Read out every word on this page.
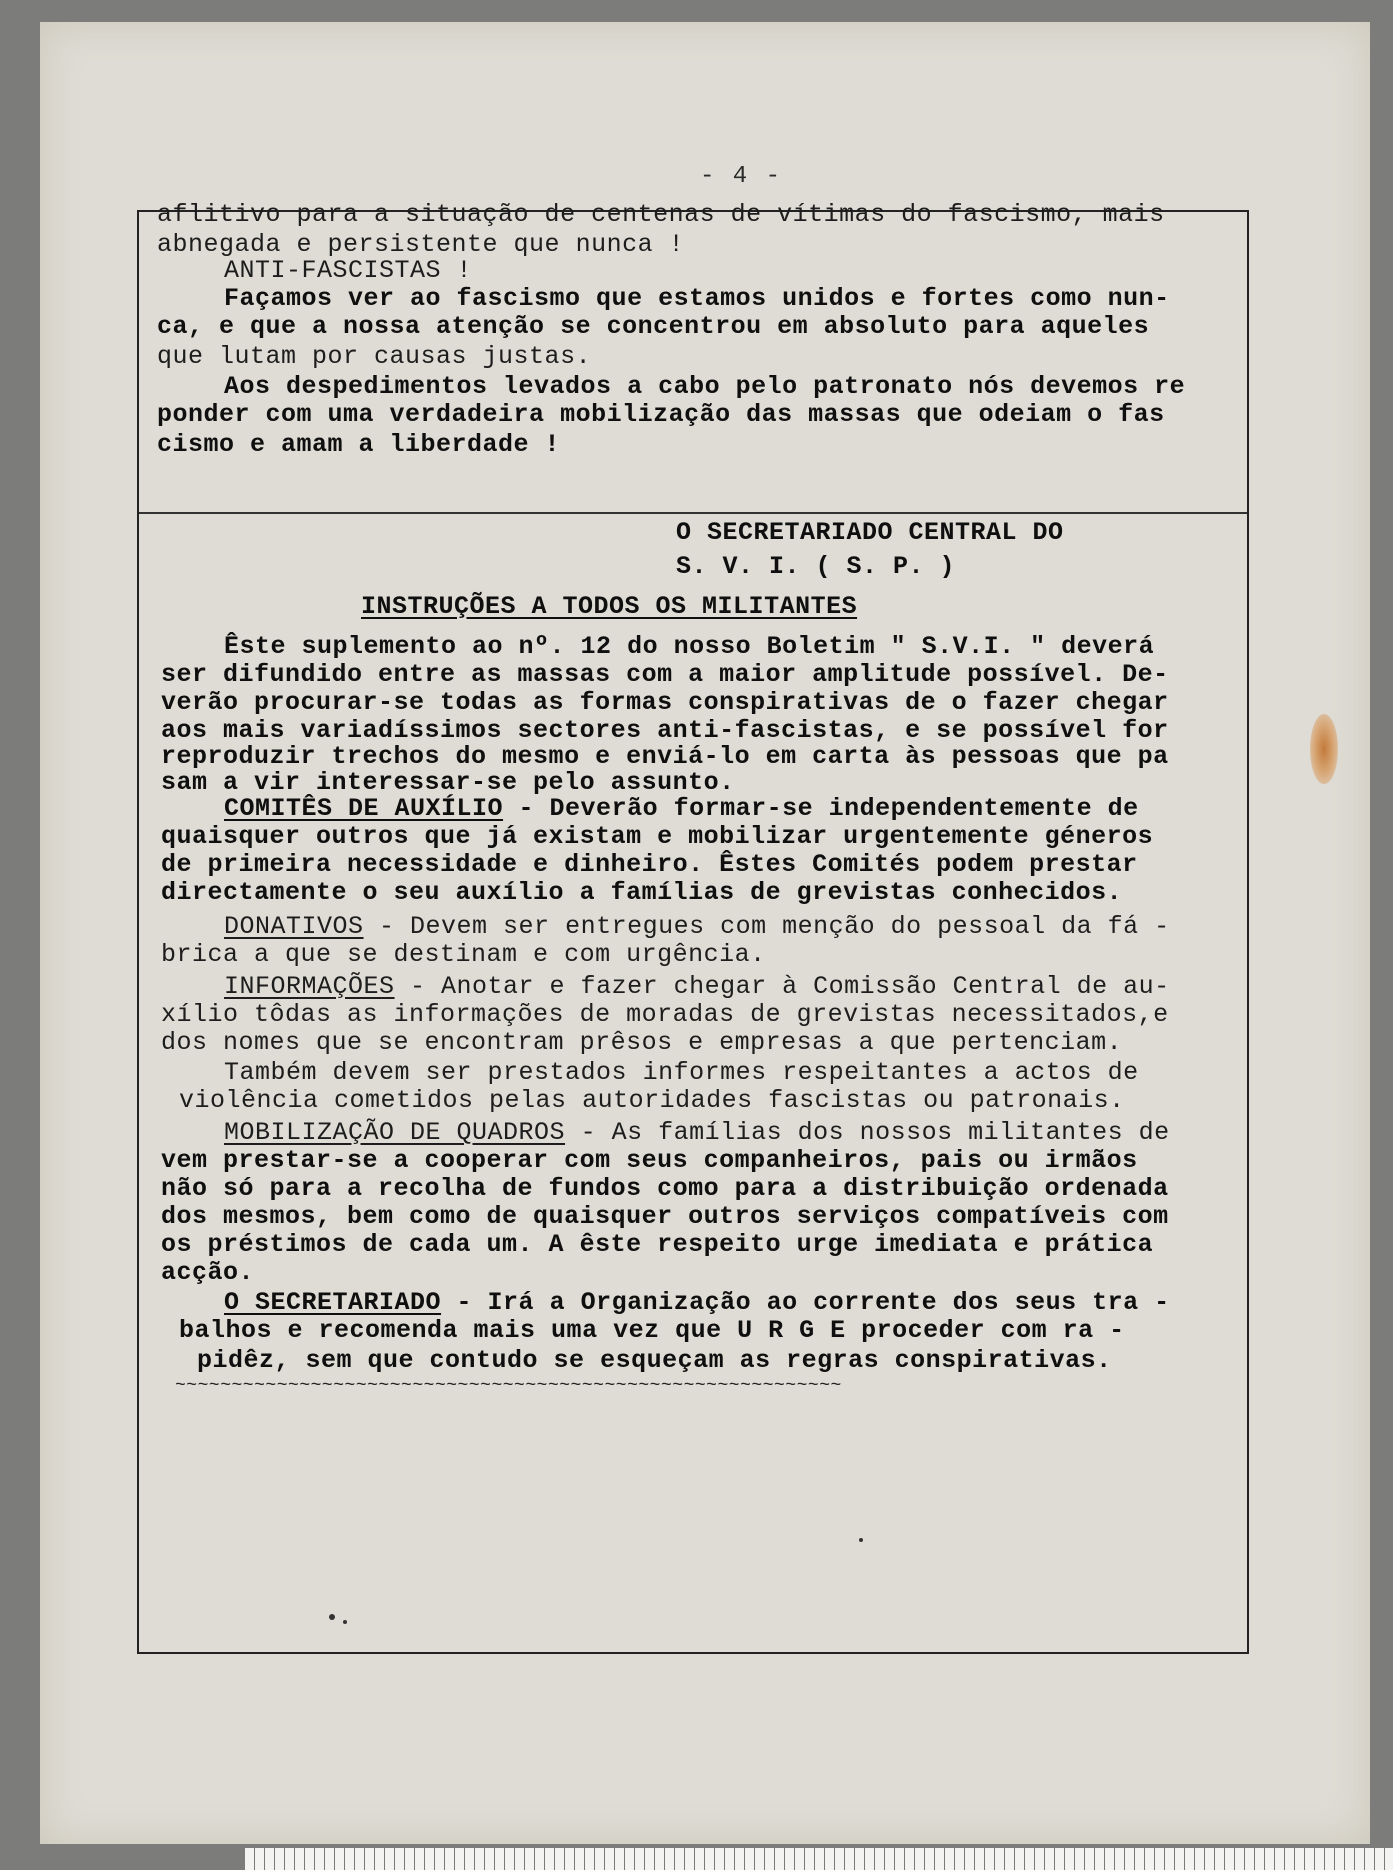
- 4 -
aflitivo para a situação de centenas de vítimas do fascismo, mais
abnegada e persistente que nunca !
ANTI-FASCISTAS !
Façamos ver ao fascismo que estamos unidos e fortes como nun-
ca, e que a nossa atenção se concentrou em absoluto para aqueles
que lutam por causas justas.
Aos despedimentos levados a cabo pelo patronato nós devemos re
ponder com uma verdadeira mobilização das massas que odeiam o fas
cismo e amam a liberdade !
O SECRETARIADO CENTRAL DO
S. V. I. ( S. P. )
INSTRUÇÕES A TODOS OS MILITANTES
Êste suplemento ao nº. 12 do nosso Boletim " S.V.I. " deverá
ser difundido entre as massas com a maior amplitude possível. De-
verão procurar-se todas as formas conspirativas de o fazer chegar
aos mais variadíssimos sectores anti-fascistas, e se possível for
reproduzir trechos do mesmo e enviá-lo em carta às pessoas que pa
sam a vir interessar-se pelo assunto.
COMITÊS DE AUXÍLIO - Deverão formar-se independentemente de
quaisquer outros que já existam e mobilizar urgentemente géneros
de primeira necessidade e dinheiro. Êstes Comités podem prestar
directamente o seu auxílio a famílias de grevistas conhecidos.
DONATIVOS - Devem ser entregues com menção do pessoal da fá -
brica a que se destinam e com urgência.
INFORMAÇÕES - Anotar e fazer chegar à Comissão Central de au-
xílio tôdas as informações de moradas de grevistas necessitados,e
dos nomes que se encontram prêsos e empresas a que pertenciam.
Também devem ser prestados informes respeitantes a actos de
violência cometidos pelas autoridades fascistas ou patronais.
MOBILIZAÇÃO DE QUADROS - As famílias dos nossos militantes de
vem prestar-se a cooperar com seus companheiros, pais ou irmãos
não só para a recolha de fundos como para a distribuição ordenada
dos mesmos, bem como de quaisquer outros serviços compatíveis com
os préstimos de cada um. A êste respeito urge imediata e prática
acção.
O SECRETARIADO - Irá a Organização ao corrente dos seus tra -
balhos e recomenda mais uma vez que U R G E proceder com ra -
pidêz, sem que contudo se esqueçam as regras conspirativas.
~~~~~~~~~~~~~~~~~~~~~~~~~~~~~~~~~~~~~~~~~~~~~~~~~~~~~~~~~~~
